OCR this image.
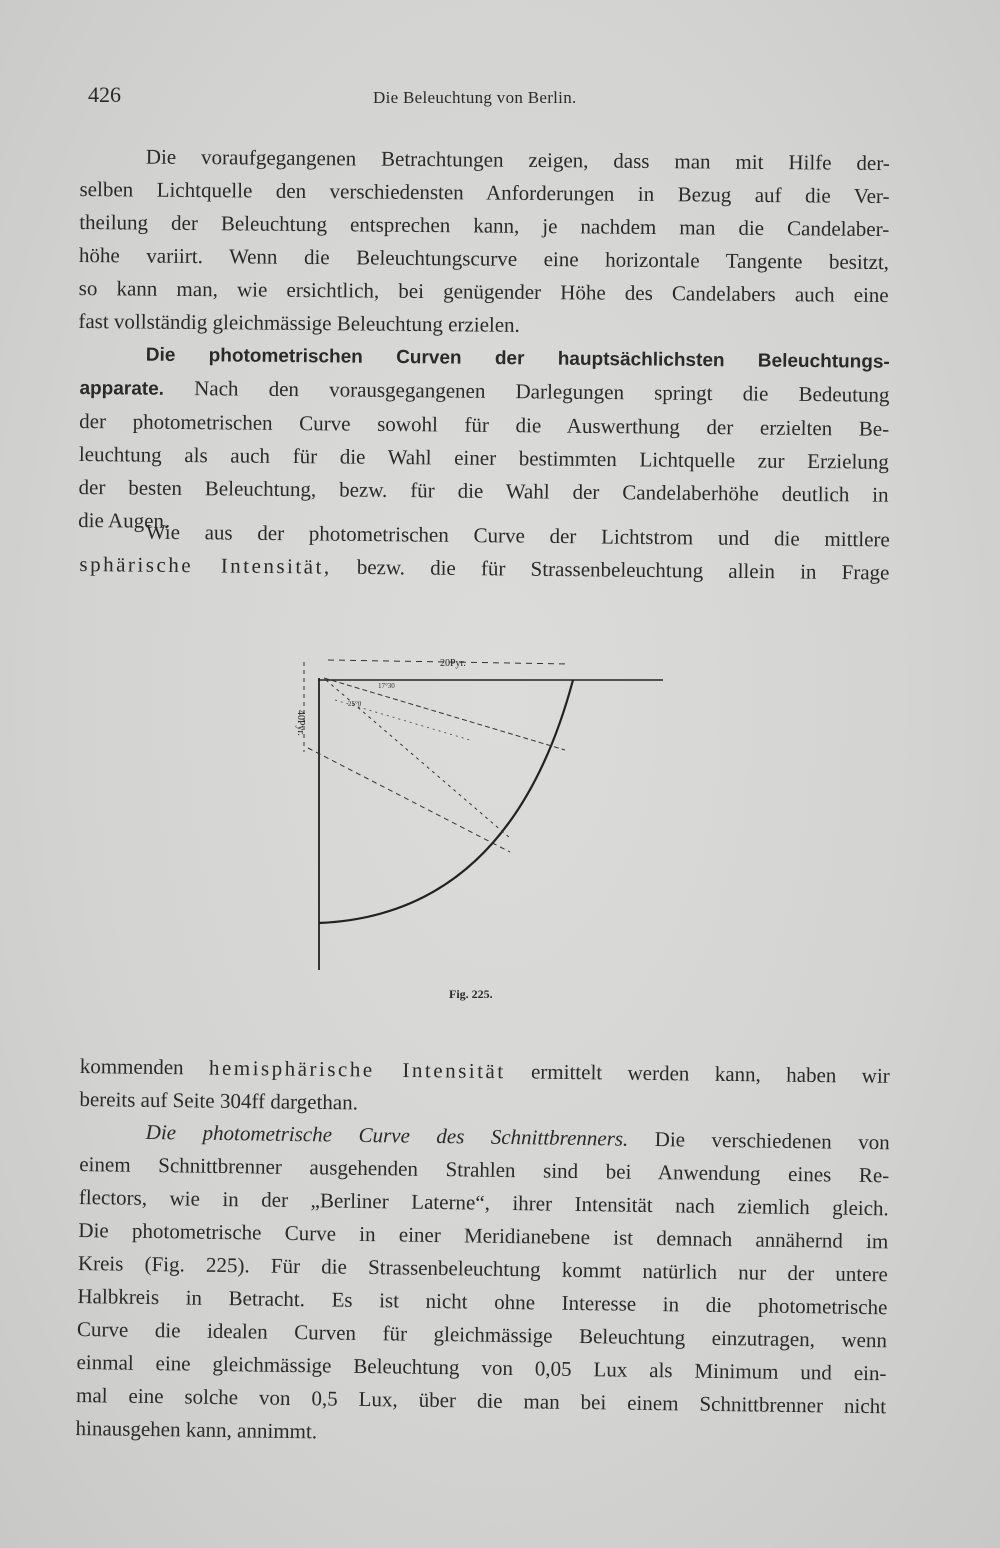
426	Die Beleuchtung von Berlin.
Die voraufgegangenen Betrachtungen zeigen, dass man mit Hilfe der-
selben Lichtquelle den verschiedensten Anforderungen in Bezug auf die Ver-
theilung der Beleuchtung entsprechen kann, je nachdem man die Candelaber-
höhe variirt. Wenn die Beleuchtungscurve eine horizontale Tangente besitzt,
so kann man, wie ersichtlich, bei genügender Höhe des Candelabers auch eine
fast vollständig gleichmässige Beleuchtung erzielen.
Die photometrischen Curven der hauptsächlichsten Beleuchtungs-
apparate. Nach den vorausgegangenen Darlegungen springt die Bedeutung
der photometrischen Curve sowohl für die Auswerthung der erzielten Be-
leuchtung als auch für die Wahl einer bestimmten Lichtquelle zur Erzielung
der besten Beleuchtung, bezw. für die Wahl der Candelaberhöhe deutlich in
die Augen.
Wie aus der photometrischen Curve der Lichtstrom und die mittlere
sphärische Intensität, bezw. die für Strassenbeleuchtung allein in Frage
20Pyr.
40Pyr.
17°30
25°0
Fig. 225.
kommenden hemisphärische Intensität ermittelt werden kann, haben wir
bereits auf Seite 304ff dargethan.
Die photometrische Curve des Schnittbrenners. Die verschiedenen von
einem Schnittbrenner ausgehenden Strahlen sind bei Anwendung eines Re-
flectors, wie in der „Berliner Laterne“, ihrer Intensität nach ziemlich gleich.
Die photometrische Curve in einer Meridianebene ist demnach annähernd im
Kreis (Fig. 225). Für die Strassenbeleuchtung kommt natürlich nur der untere
Halbkreis in Betracht. Es ist nicht ohne Interesse in die photometrische
Curve die idealen Curven für gleichmässige Beleuchtung einzutragen, wenn
einmal eine gleichmässige Beleuchtung von 0,05 Lux als Minimum und ein-
mal eine solche von 0,5 Lux, über die man bei einem Schnittbrenner nicht
hinausgehen kann, annimmt.
